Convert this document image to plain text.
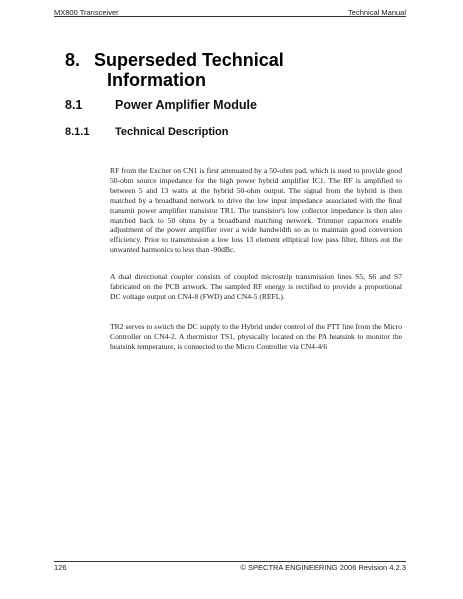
MX800 Transceiver	Technical Manual
8. Superseded Technical
Information
8.1	Power Amplifier Module
8.1.1 Technical Description

RF from the Exciter on CN1 is first attenuated by a 50-ohm pad, which is used to provide good 50-ohm source impedance for the high power hybrid amplifier IC1. The RF is amplified to between 5 and 13 watts at the hybrid 50-ohm output. The signal from the hybrid is then matched by a broadband network to drive the low input impedance associated with the final transmit power amplifier transistor TR1. The transistor's low collector impedance is then also matched back to 50 ohms by a broadband matching network. Trimmer capacitors enable adjustment of the power amplifier over a wide bandwidth so as to maintain good conversion efficiency. Prior to transmission a low loss 13 element elliptical low pass filter, filters out the unwanted harmonics to less than -90dBc.

A dual directional coupler consists of coupled microstrip transmission lines S5, S6 and S7 fabricated on the PCB artwork. The sampled RF energy is rectified to provide a proportional DC voltage output on CN4-8 (FWD) and CN4-5 (REFL).

TR2 serves to switch the DC supply to the Hybrid under control of the PTT line from the Micro Controller on CN4-2. A thermistor TS1, physically located on the PA heatsink to monitor the heatsink temperature, is connected to the Micro Controller via CN4-4/6

126	© SPECTRA ENGINEERING 2006 Revision 4.2.3
